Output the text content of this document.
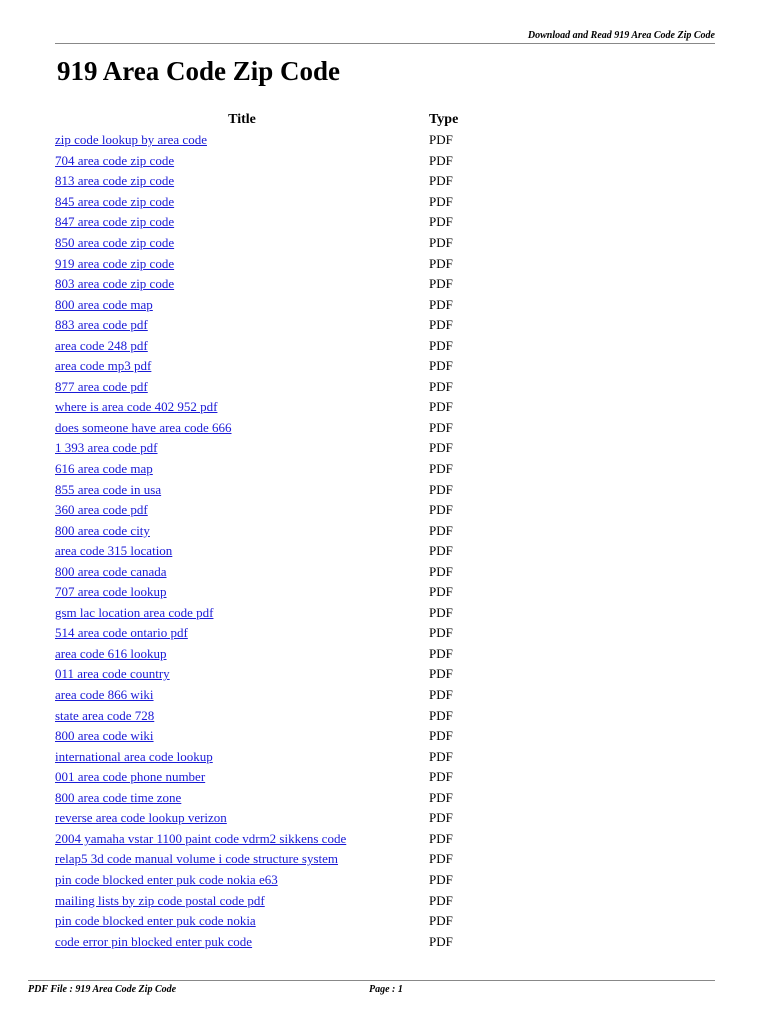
Download and Read 919 Area Code Zip Code
919 Area Code Zip Code
Title	Type
zip code lookup by area code	PDF
704 area code zip code	PDF
813 area code zip code	PDF
845 area code zip code	PDF
847 area code zip code	PDF
850 area code zip code	PDF
919 area code zip code	PDF
803 area code zip code	PDF
800 area code map	PDF
883 area code pdf	PDF
area code 248 pdf	PDF
area code mp3 pdf	PDF
877 area code pdf	PDF
where is area code 402 952 pdf	PDF
does someone have area code 666	PDF
1 393 area code pdf	PDF
616 area code map	PDF
855 area code in usa	PDF
360 area code pdf	PDF
800 area code city	PDF
area code 315 location	PDF
800 area code canada	PDF
707 area code lookup	PDF
gsm lac location area code pdf	PDF
514 area code ontario pdf	PDF
area code 616 lookup	PDF
011 area code country	PDF
area code 866 wiki	PDF
state area code 728	PDF
800 area code wiki	PDF
international area code lookup	PDF
001 area code phone number	PDF
800 area code time zone	PDF
reverse area code lookup verizon	PDF
2004 yamaha vstar 1100 paint code vdrm2 sikkens code	PDF
relap5 3d code manual volume i code structure system	PDF
pin code blocked enter puk code nokia e63	PDF
mailing lists by zip code postal code pdf	PDF
pin code blocked enter puk code nokia	PDF
code error pin blocked enter puk code	PDF
PDF File : 919 Area Code Zip Code	Page : 1
